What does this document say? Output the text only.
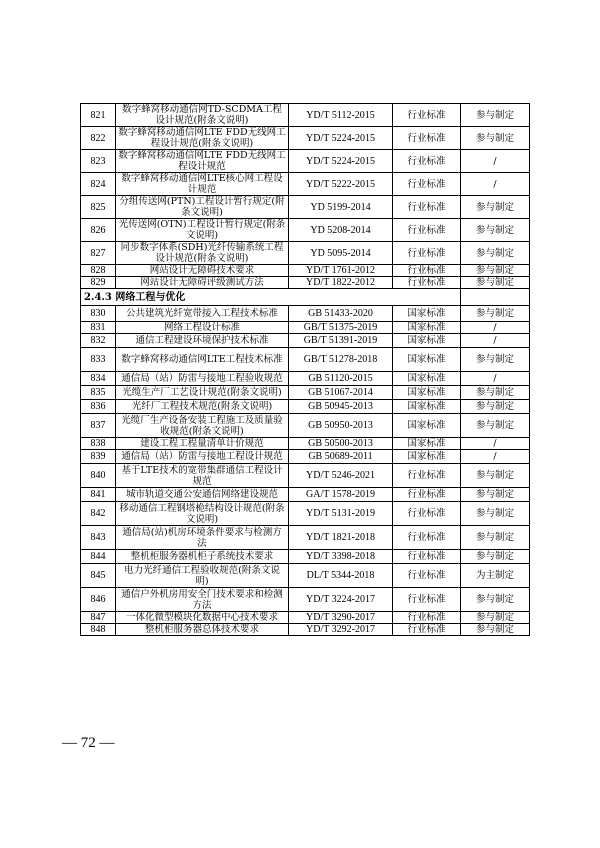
821	数字蜂窝移动通信网TD-SCDMA工程设计规范(附条文说明)	YD/T 5112-2015	行业标准	参与制定
822	数字蜂窝移动通信网LTE FDD无线网工程设计规范(附条文说明)	YD/T 5224-2015	行业标准	参与制定
823	数字蜂窝移动通信网LTE FDD无线网工程设计规范	YD/T 5224-2015	行业标准	/
824	数字蜂窝移动通信网LTE核心网工程设计规范	YD/T 5222-2015	行业标准	/
825	分组传送网(PTN)工程设计暂行规定(附条文说明)	YD 5199-2014	行业标准	参与制定
826	光传送网(OTN)工程设计暂行规定(附条文说明)	YD 5208-2014	行业标准	参与制定
827	同步数字体系(SDH)光纤传输系统工程设计规范(附条文说明)	YD 5095-2014	行业标准	参与制定
828	网站设计无障碍技术要求	YD/T 1761-2012	行业标准	参与制定
829	网站设计无障碍评级测试方法	YD/T 1822-2012	行业标准	参与制定
2.4.3 网络工程与优化				
830	公共建筑光纤宽带接入工程技术标准	GB 51433-2020	国家标准	参与制定
831	网络工程设计标准	GB/T 51375-2019	国家标准	/
832	通信工程建设环境保护技术标准	GB/T 51391-2019	国家标准	/
833	数字蜂窝移动通信网LTE工程技术标准	GB/T 51278-2018	国家标准	参与制定
834	通信局（站）防雷与接地工程验收规范	GB 51120-2015	国家标准	/
835	光缆生产厂工艺设计规范(附条文说明)	GB 51067-2014	国家标准	参与制定
836	光纤厂工程技术规范(附条文说明)	GB 50945-2013	国家标准	参与制定
837	光缆厂生产设备安装工程施工及质量验收规范(附条文说明)	GB 50950-2013	国家标准	参与制定
838	建设工程工程量清单计价规范	GB 50500-2013	国家标准	/
839	通信局（站）防雷与接地工程设计规范	GB 50689-2011	国家标准	/
840	基于LTE技术的宽带集群通信工程设计规范	YD/T 5246-2021	行业标准	参与制定
841	城市轨道交通公安通信网络建设规范	GA/T 1578-2019	行业标准	参与制定
842	移动通信工程钢塔桅结构设计规范(附条文说明)	YD/T 5131-2019	行业标准	参与制定
843	通信局(站)机房环境条件要求与检测方法	YD/T 1821-2018	行业标准	参与制定
844	整机柜服务器机柜子系统技术要求	YD/T 3398-2018	行业标准	参与制定
845	电力光纤通信工程验收规范(附条文说明)	DL/T 5344-2018	行业标准	为主制定
846	通信户外机房用安全门技术要求和检测方法	YD/T 3224-2017	行业标准	参与制定
847	一体化微型模块化数据中心技术要求	YD/T 3290-2017	行业标准	参与制定
848	整机柜服务器总体技术要求	YD/T 3292-2017	行业标准	参与制定
— 72 —
